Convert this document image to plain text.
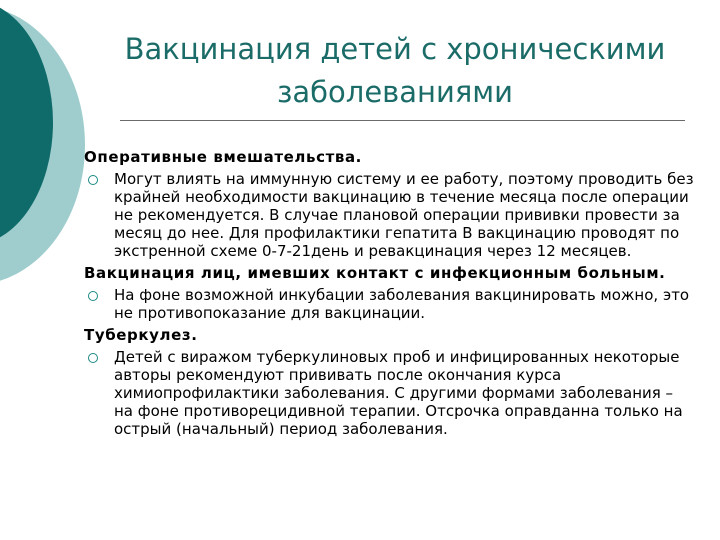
Вакцинация детей с хроническими заболеваниями

Оперативные вмешательства.

Могут влиять на иммунную систему и ее работу, поэтому проводить без крайней необходимости вакцинацию в течение месяца после операции не рекомендуется. В случае плановой операции прививки провести за месяц до нее. Для профилактики гепатита В вакцинацию проводят по экстренной схеме 0-7-21день и ревакцинация через 12 месяцев.

Вакцинация лиц, имевших контакт с инфекционным больным.

На фоне возможной инкубации заболевания вакцинировать можно, это не противопоказание для вакцинации.

Туберкулез.

Детей с виражом туберкулиновых проб и инфицированных некоторые авторы рекомендуют прививать после окончания курса химиопрофилактики заболевания. С другими формами заболевания – на фоне противорецидивной терапии. Отсрочка оправданна только на острый (начальный) период заболевания.
